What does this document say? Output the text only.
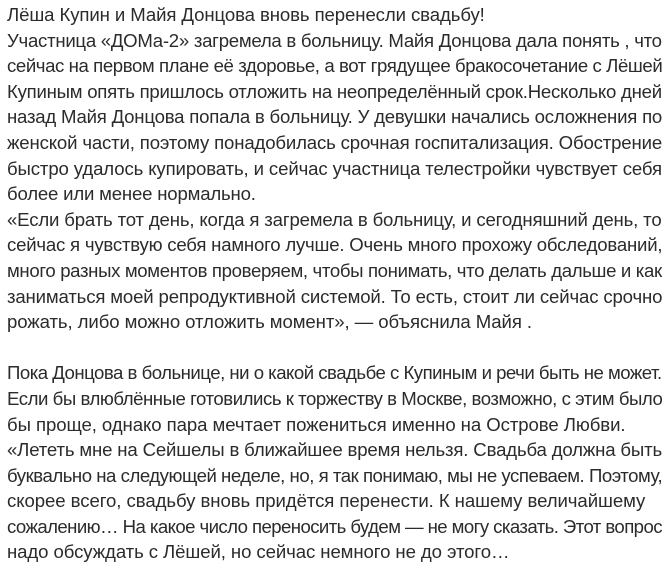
Лёша Купин и Майя Донцова вновь перенесли свадьбу!
Участница «ДОМа-2» загремела в больницу. Майя Донцова дала понять , что
сейчас на первом плане её здоровье, а вот грядущее бракосочетание с Лёшей
Купиным опять пришлось отложить на неопределённый срок.Несколько дней
назад Майя Донцова попала в больницу. У девушки начались осложнения по
женской части, поэтому понадобилась срочная госпитализация. Обострение
быстро удалось купировать, и сейчас участница телестройки чувствует себя
более или менее нормально.
«Если брать тот день, когда я загремела в больницу, и сегодняшний день, то
сейчас я чувствую себя намного лучше. Очень много прохожу обследований,
много разных моментов проверяем, чтобы понимать, что делать дальше и как
заниматься моей репродуктивной системой. То есть, стоит ли сейчас срочно
рожать, либо можно отложить момент», — объяснила Майя .
Пока Донцова в больнице, ни о какой свадьбе с Купиным и речи быть не может.
Если бы влюблённые готовились к торжеству в Москве, возможно, с этим было
бы проще, однако пара мечтает пожениться именно на Острове Любви.
«Лететь мне на Сейшелы в ближайшее время нельзя. Свадьба должна быть
буквально на следующей неделе, но, я так понимаю, мы не успеваем. Поэтому,
скорее всего, свадьбу вновь придётся перенести. К нашему величайшему
сожалению… На какое число переносить будем — не могу сказать. Этот вопрос
надо обсуждать с Лёшей, но сейчас немного не до этого…
